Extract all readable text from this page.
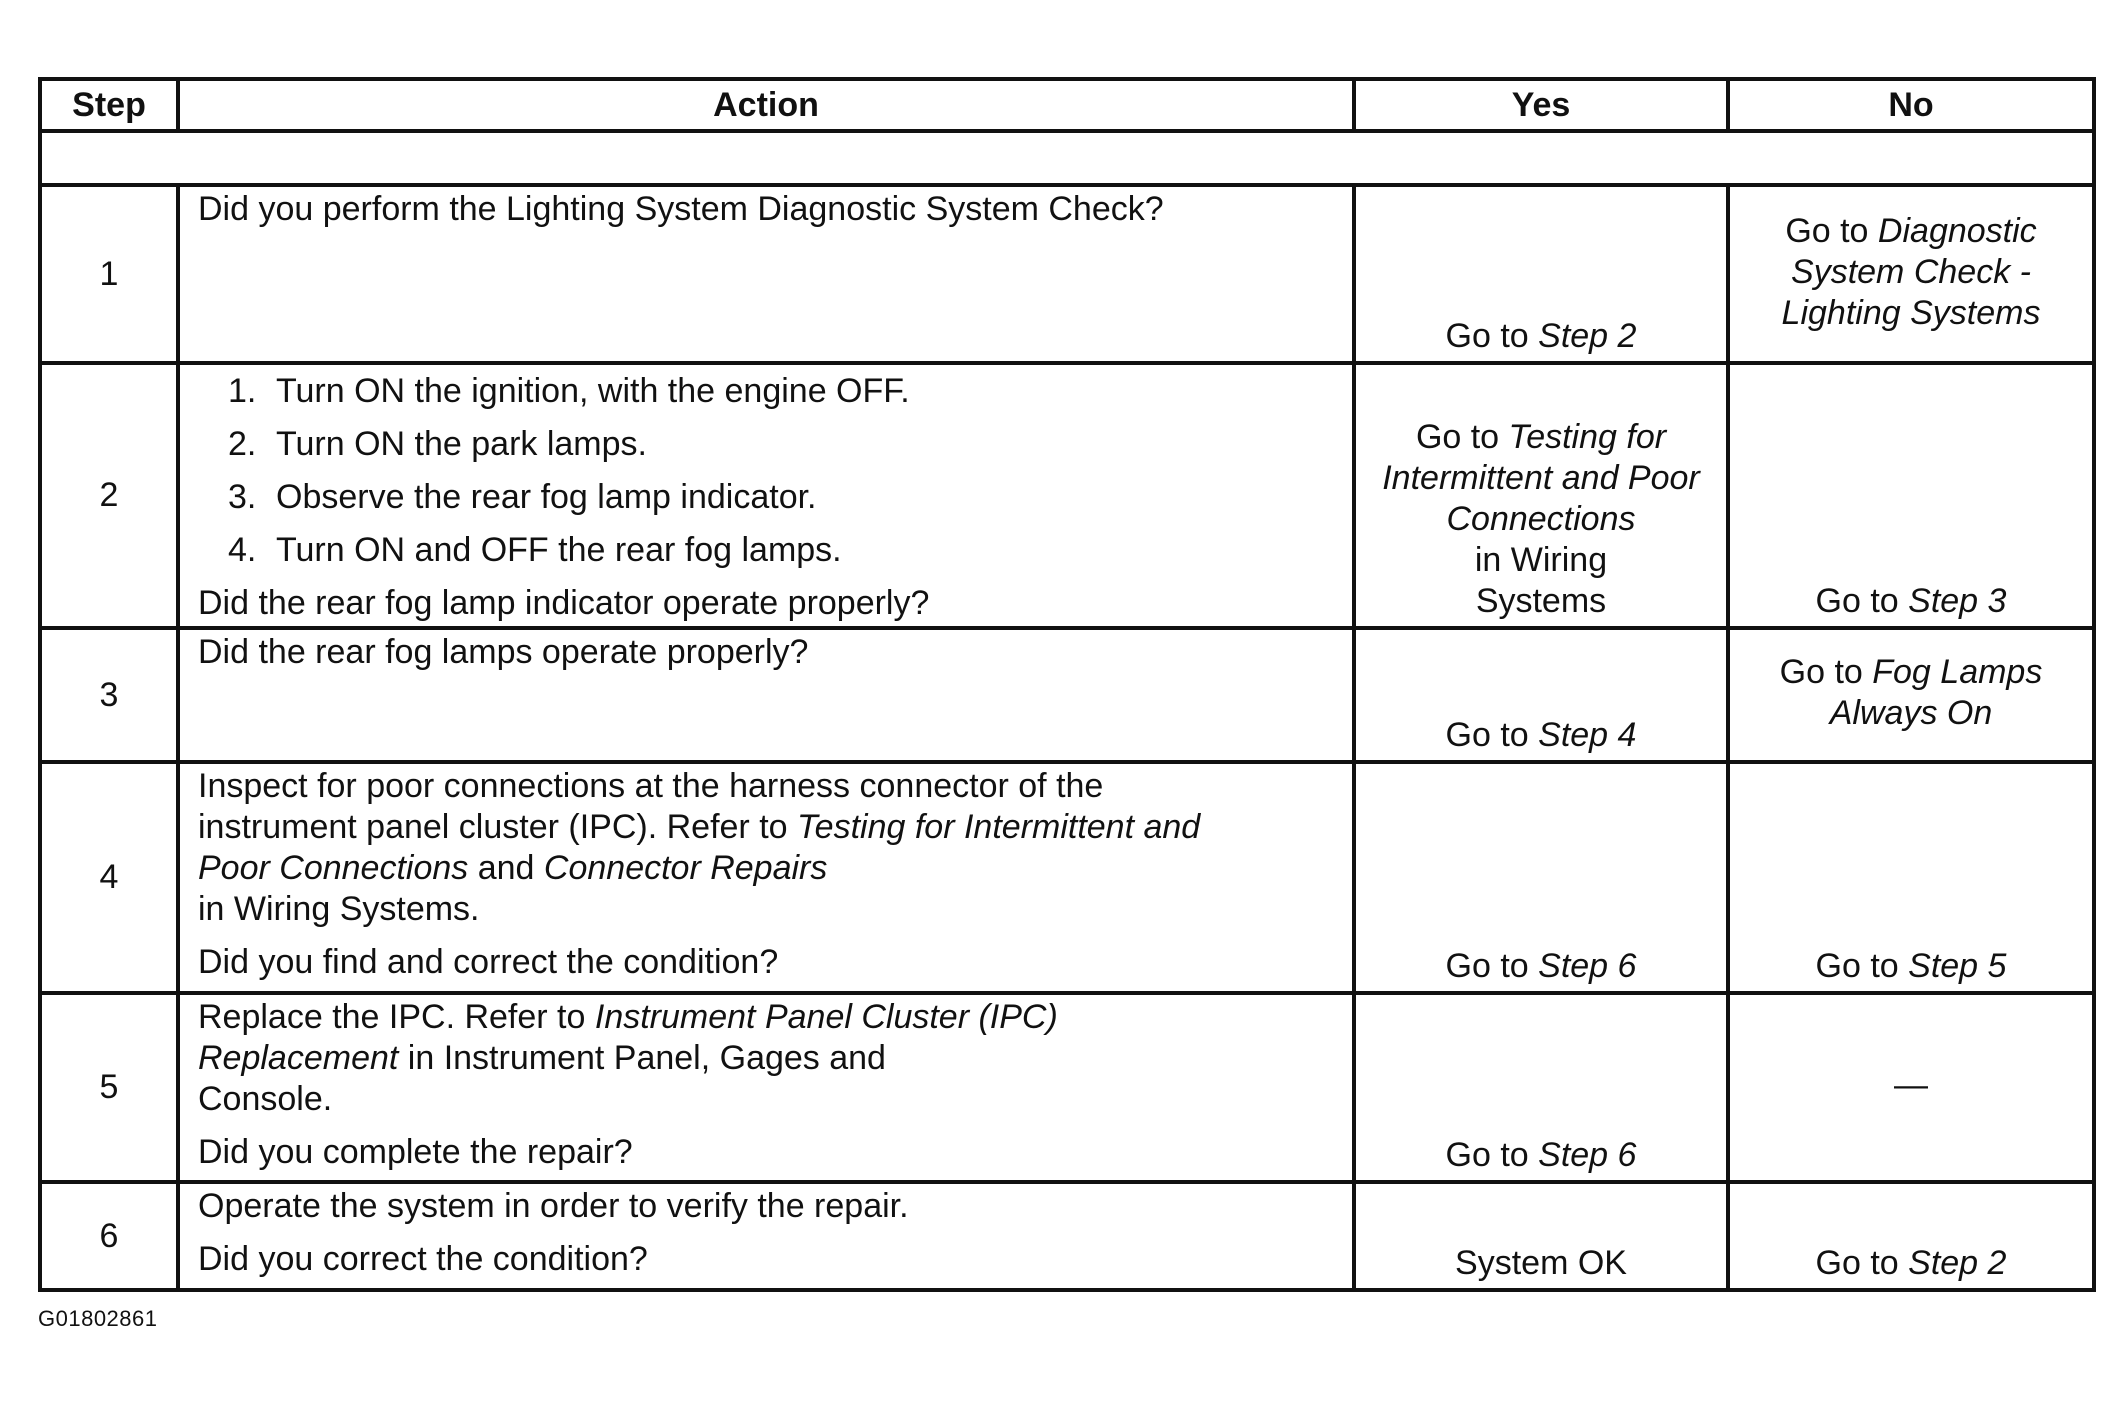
Step	Action	Yes	No

1	Did you perform the Lighting System Diagnostic System Check?	Go to Step 2	Go to Diagnostic
System Check -
Lighting Systems

2	1. Turn ON the ignition, with the engine OFF.
2. Turn ON the park lamps.
3. Observe the rear fog lamp indicator.
4. Turn ON and OFF the rear fog lamps.
Did the rear fog lamp indicator operate properly?	Go to Testing for
Intermittent and Poor
Connections
in Wiring
Systems	Go to Step 3
3	Did the rear fog lamps operate properly?	Go to Step 4	Go to Fog Lamps
Always On

4	Inspect for poor connections at the harness connector of the
instrument panel cluster (IPC). Refer to Testing for Intermittent and
Poor Connections and Connector Repairs
in Wiring Systems.
Did you find and correct the condition?	Go to Step 6	Go to Step 5
5	Replace the IPC. Refer to Instrument Panel Cluster (IPC)
Replacement in Instrument Panel, Gages and
Console.
Did you complete the repair?	Go to Step 6	—
6	Operate the system in order to verify the repair.
Did you correct the condition?	System OK	Go to Step 2
G01802861
